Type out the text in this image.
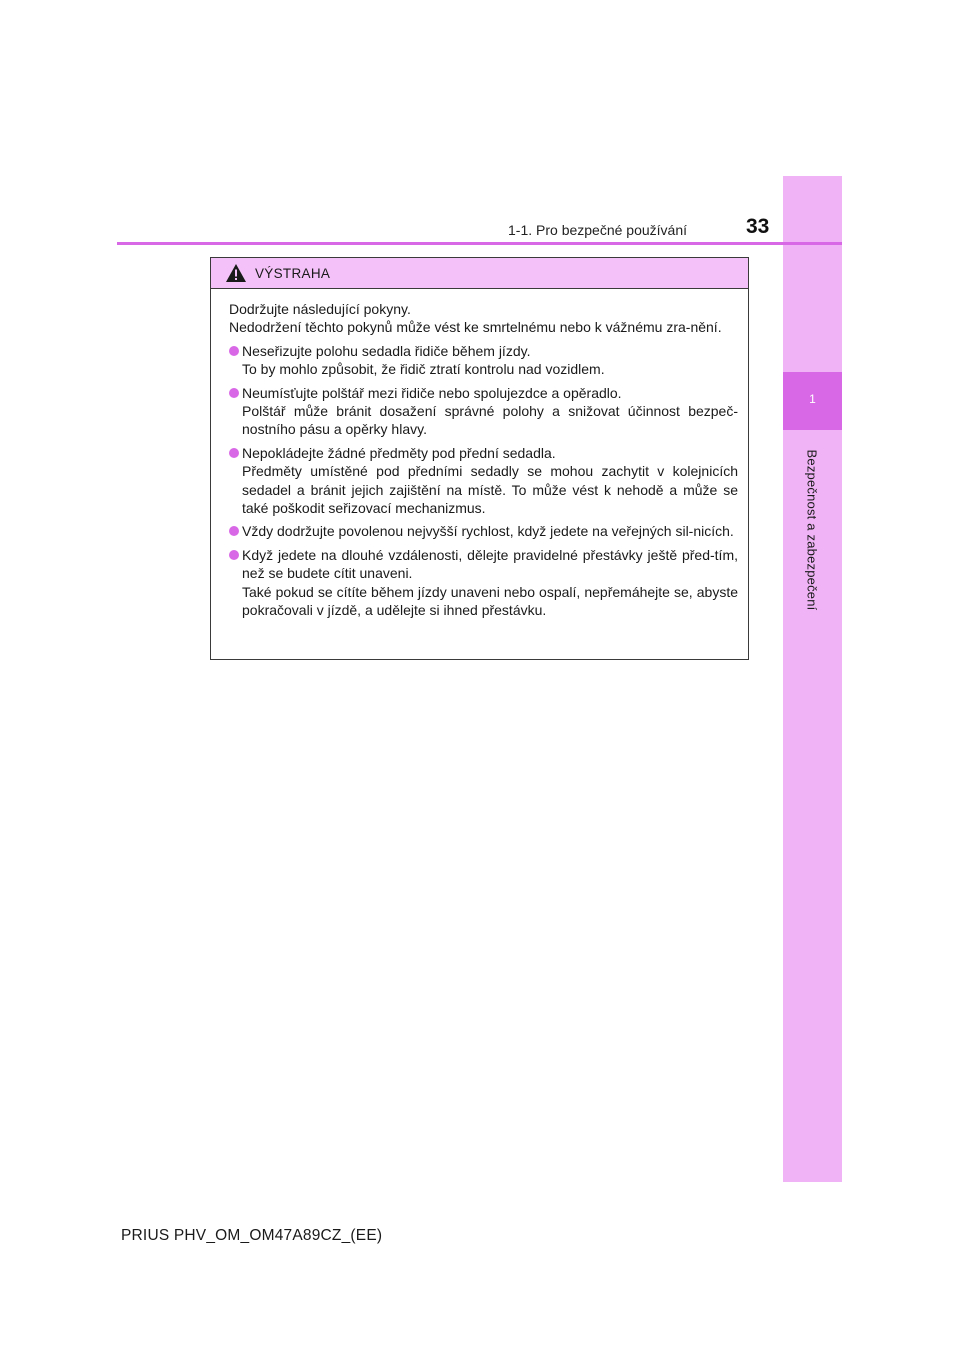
1
Bezpečnost a zabezpečení
1-1. Pro bezpečné používání	33
VÝSTRAHA
Dodržujte následující pokyny.
Nedodržení těchto pokynů může vést ke smrtelnému nebo k vážnému zra-nění.
Neseřizujte polohu sedadla řidiče během jízdy.
To by mohlo způsobit, že řidič ztratí kontrolu nad vozidlem.
Neumísťujte polštář mezi řidiče nebo spolujezdce a opěradlo.
Polštář může bránit dosažení správné polohy a snižovat účinnost bezpeč-nostního pásu a opěrky hlavy.
Nepokládejte žádné předměty pod přední sedadla.
Předměty umístěné pod předními sedadly se mohou zachytit v kolejnicích sedadel a bránit jejich zajištění na místě. To může vést k nehodě a může se také poškodit seřizovací mechanizmus.
Vždy dodržujte povolenou nejvyšší rychlost, když jedete na veřejných sil-nicích.
Když jedete na dlouhé vzdálenosti, dělejte pravidelné přestávky ještě před-tím, než se budete cítit unaveni.
Také pokud se cítíte během jízdy unaveni nebo ospalí, nepřemáhejte se, abyste pokračovali v jízdě, a udělejte si ihned přestávku.
PRIUS PHV_OM_OM47A89CZ_(EE)
